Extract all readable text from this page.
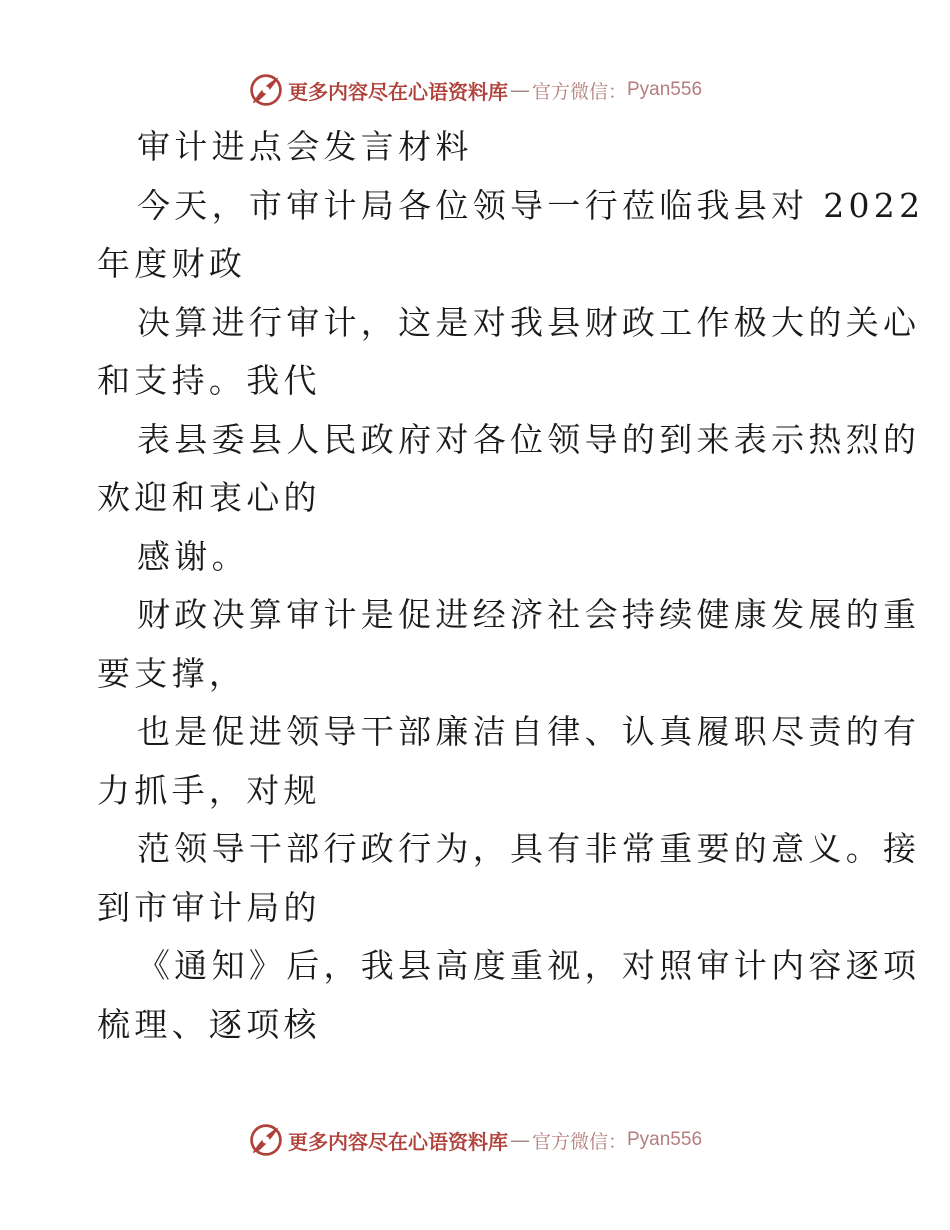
更多内容尽在心语资料库 — 官方微信： Pyan556
审计进点会发言材料
今天，市审计局各位领导一行莅临我县对 2022
年度财政
决算进行审计，这是对我县财政工作极大的关心
和支持。我代
表县委县人民政府对各位领导的到来表示热烈的
欢迎和衷心的
感谢。
财政决算审计是促进经济社会持续健康发展的重
要支撑，
也是促进领导干部廉洁自律、认真履职尽责的有
力抓手，对规
范领导干部行政行为，具有非常重要的意义。接
到市审计局的
《通知》后，我县高度重视，对照审计内容逐项
梳理、逐项核
更多内容尽在心语资料库 — 官方微信： Pyan556
